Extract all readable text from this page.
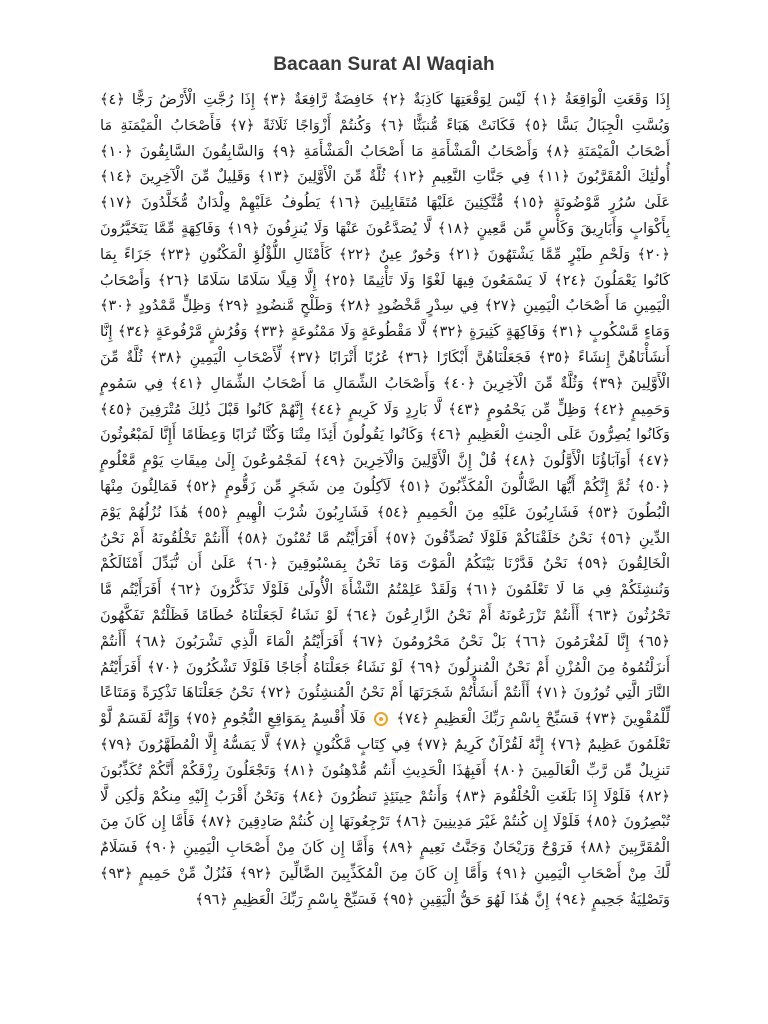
Bacaan Surat Al Waqiah
إِذَا وَقَعَتِ الْوَاقِعَةُ ﴿١﴾ لَيْسَ لِوَقْعَتِهَا كَاذِبَةٌ ﴿٢﴾ خَافِضَةٌ رَّافِعَةٌ ﴿٣﴾ إِذَا رُجَّتِ الْأَرْضُ رَجًّا ﴿٤﴾ وَبُسَّتِ الْجِبَالُ بَسًّا ﴿٥﴾ فَكَانَتْ هَبَاءً مُّنبَثًّا ﴿٦﴾ وَكُنتُمْ أَزْوَاجًا ثَلَاثَةً ﴿٧﴾ فَأَصْحَابُ الْمَيْمَنَةِ مَا أَصْحَابُ الْمَيْمَنَةِ ﴿٨﴾ وَأَصْحَابُ الْمَشْأَمَةِ مَا أَصْحَابُ الْمَشْأَمَةِ ﴿٩﴾ وَالسَّابِقُونَ السَّابِقُونَ ﴿١٠﴾ أُولَٰئِكَ الْمُقَرَّبُونَ ﴿١١﴾ فِي جَنَّاتِ النَّعِيمِ ﴿١٢﴾ ثُلَّةٌ مِّنَ الْأَوَّلِينَ ﴿١٣﴾ وَقَلِيلٌ مِّنَ الْآخِرِينَ ﴿١٤﴾ عَلَىٰ سُرُرٍ مَّوْضُونَةٍ ﴿١٥﴾ مُّتَّكِئِينَ عَلَيْهَا مُتَقَابِلِينَ ﴿١٦﴾ يَطُوفُ عَلَيْهِمْ وِلْدَانٌ مُّخَلَّدُونَ ﴿١٧﴾ بِأَكْوَابٍ وَأَبَارِيقَ وَكَأْسٍ مِّن مَّعِينٍ ﴿١٨﴾ لَّا يُصَدَّعُونَ عَنْهَا وَلَا يُنزِفُونَ ﴿١٩﴾ وَفَاكِهَةٍ مِّمَّا يَتَخَيَّرُونَ ﴿٢٠﴾ وَلَحْمِ طَيْرٍ مِّمَّا يَشْتَهُونَ ﴿٢١﴾ وَحُورٌ عِينٌ ﴿٢٢﴾ كَأَمْثَالِ اللُّؤْلُؤِ الْمَكْنُونِ ﴿٢٣﴾ جَزَاءً بِمَا كَانُوا يَعْمَلُونَ ﴿٢٤﴾ لَا يَسْمَعُونَ فِيهَا لَغْوًا وَلَا تَأْثِيمًا ﴿٢٥﴾ إِلَّا قِيلًا سَلَامًا سَلَامًا ﴿٢٦﴾ وَأَصْحَابُ الْيَمِينِ مَا أَصْحَابُ الْيَمِينِ ﴿٢٧﴾ فِي سِدْرٍ مَّخْضُودٍ ﴿٢٨﴾ وَطَلْحٍ مَّنضُودٍ ﴿٢٩﴾ وَظِلٍّ مَّمْدُودٍ ﴿٣٠﴾ وَمَاءٍ مَّسْكُوبٍ ﴿٣١﴾ وَفَاكِهَةٍ كَثِيرَةٍ ﴿٣٢﴾ لَّا مَقْطُوعَةٍ وَلَا مَمْنُوعَةٍ ﴿٣٣﴾ وَفُرُشٍ مَّرْفُوعَةٍ ﴿٣٤﴾ إِنَّا أَنشَأْنَاهُنَّ إِنشَاءً ﴿٣٥﴾ فَجَعَلْنَاهُنَّ أَبْكَارًا ﴿٣٦﴾ عُرُبًا أَتْرَابًا ﴿٣٧﴾ لِّأَصْحَابِ الْيَمِينِ ﴿٣٨﴾ ثُلَّةٌ مِّنَ الْأَوَّلِينَ ﴿٣٩﴾ وَثُلَّةٌ مِّنَ الْآخِرِينَ ﴿٤٠﴾ وَأَصْحَابُ الشِّمَالِ مَا أَصْحَابُ الشِّمَالِ ﴿٤١﴾ فِي سَمُومٍ وَحَمِيمٍ ﴿٤٢﴾ وَظِلٍّ مِّن يَحْمُومٍ ﴿٤٣﴾ لَّا بَارِدٍ وَلَا كَرِيمٍ ﴿٤٤﴾ إِنَّهُمْ كَانُوا قَبْلَ ذَٰلِكَ مُتْرَفِينَ ﴿٤٥﴾ وَكَانُوا يُصِرُّونَ عَلَى الْحِنثِ الْعَظِيمِ ﴿٤٦﴾ وَكَانُوا يَقُولُونَ أَئِذَا مِتْنَا وَكُنَّا تُرَابًا وَعِظَامًا أَإِنَّا لَمَبْعُوثُونَ ﴿٤٧﴾ أَوَآبَاؤُنَا الْأَوَّلُونَ ﴿٤٨﴾ قُلْ إِنَّ الْأَوَّلِينَ وَالْآخِرِينَ ﴿٤٩﴾ لَمَجْمُوعُونَ إِلَىٰ مِيقَاتِ يَوْمٍ مَّعْلُومٍ ﴿٥٠﴾ ثُمَّ إِنَّكُمْ أَيُّهَا الضَّالُّونَ الْمُكَذِّبُونَ ﴿٥١﴾ لَآكِلُونَ مِن شَجَرٍ مِّن زَقُّومٍ ﴿٥٢﴾ فَمَالِئُونَ مِنْهَا الْبُطُونَ ﴿٥٣﴾ فَشَارِبُونَ عَلَيْهِ مِنَ الْحَمِيمِ ﴿٥٤﴾ فَشَارِبُونَ شُرْبَ الْهِيمِ ﴿٥٥﴾ هَٰذَا نُزُلُهُمْ يَوْمَ الدِّينِ ﴿٥٦﴾ نَحْنُ خَلَقْنَاكُمْ فَلَوْلَا تُصَدِّقُونَ ﴿٥٧﴾ أَفَرَأَيْتُم مَّا تُمْنُونَ ﴿٥٨﴾ أَأَنتُمْ تَخْلُقُونَهُ أَمْ نَحْنُ الْخَالِقُونَ ﴿٥٩﴾ نَحْنُ قَدَّرْنَا بَيْنَكُمُ الْمَوْتَ وَمَا نَحْنُ بِمَسْبُوقِينَ ﴿٦٠﴾ عَلَىٰ أَن نُّبَدِّلَ أَمْثَالَكُمْ وَنُنشِئَكُمْ فِي مَا لَا تَعْلَمُونَ ﴿٦١﴾ وَلَقَدْ عَلِمْتُمُ النَّشْأَةَ الْأُولَىٰ فَلَوْلَا تَذَكَّرُونَ ﴿٦٢﴾ أَفَرَأَيْتُم مَّا تَحْرُثُونَ ﴿٦٣﴾ أَأَنتُمْ تَزْرَعُونَهُ أَمْ نَحْنُ الزَّارِعُونَ ﴿٦٤﴾ لَوْ نَشَاءُ لَجَعَلْنَاهُ حُطَامًا فَظَلْتُمْ تَفَكَّهُونَ ﴿٦٥﴾ إِنَّا لَمُغْرَمُونَ ﴿٦٦﴾ بَلْ نَحْنُ مَحْرُومُونَ ﴿٦٧﴾ أَفَرَأَيْتُمُ الْمَاءَ الَّذِي تَشْرَبُونَ ﴿٦٨﴾ أَأَنتُمْ أَنزَلْتُمُوهُ مِنَ الْمُزْنِ أَمْ نَحْنُ الْمُنزِلُونَ ﴿٦٩﴾ لَوْ نَشَاءُ جَعَلْنَاهُ أُجَاجًا فَلَوْلَا تَشْكُرُونَ ﴿٧٠﴾ أَفَرَأَيْتُمُ النَّارَ الَّتِي تُورُونَ ﴿٧١﴾ أَأَنتُمْ أَنشَأْتُمْ شَجَرَتَهَا أَمْ نَحْنُ الْمُنشِئُونَ ﴿٧٢﴾ نَحْنُ جَعَلْنَاهَا تَذْكِرَةً وَمَتَاعًا لِّلْمُقْوِينَ ﴿٧٣﴾ فَسَبِّحْ بِاسْمِ رَبِّكَ الْعَظِيمِ ﴿٧٤﴾  فَلَا أُقْسِمُ بِمَوَاقِعِ النُّجُومِ ﴿٧٥﴾ وَإِنَّهُ لَقَسَمٌ لَّوْ تَعْلَمُونَ عَظِيمٌ ﴿٧٦﴾ إِنَّهُ لَقُرْآنٌ كَرِيمٌ ﴿٧٧﴾ فِي كِتَابٍ مَّكْنُونٍ ﴿٧٨﴾ لَّا يَمَسُّهُ إِلَّا الْمُطَهَّرُونَ ﴿٧٩﴾ تَنزِيلٌ مِّن رَّبِّ الْعَالَمِينَ ﴿٨٠﴾ أَفَبِهَٰذَا الْحَدِيثِ أَنتُم مُّدْهِنُونَ ﴿٨١﴾ وَتَجْعَلُونَ رِزْقَكُمْ أَنَّكُمْ تُكَذِّبُونَ ﴿٨٢﴾ فَلَوْلَا إِذَا بَلَغَتِ الْحُلْقُومَ ﴿٨٣﴾ وَأَنتُمْ حِينَئِذٍ تَنظُرُونَ ﴿٨٤﴾ وَنَحْنُ أَقْرَبُ إِلَيْهِ مِنكُمْ وَلَٰكِن لَّا تُبْصِرُونَ ﴿٨٥﴾ فَلَوْلَا إِن كُنتُمْ غَيْرَ مَدِينِينَ ﴿٨٦﴾ تَرْجِعُونَهَا إِن كُنتُمْ صَادِقِينَ ﴿٨٧﴾ فَأَمَّا إِن كَانَ مِنَ الْمُقَرَّبِينَ ﴿٨٨﴾ فَرَوْحٌ وَرَيْحَانٌ وَجَنَّتُ نَعِيمٍ ﴿٨٩﴾ وَأَمَّا إِن كَانَ مِنْ أَصْحَابِ الْيَمِينِ ﴿٩٠﴾ فَسَلَامٌ لَّكَ مِنْ أَصْحَابِ الْيَمِينِ ﴿٩١﴾ وَأَمَّا إِن كَانَ مِنَ الْمُكَذِّبِينَ الضَّالِّينَ ﴿٩٢﴾ فَنُزُلٌ مِّنْ حَمِيمٍ ﴿٩٣﴾ وَتَصْلِيَةُ جَحِيمٍ ﴿٩٤﴾ إِنَّ هَٰذَا لَهُوَ حَقُّ الْيَقِينِ ﴿٩٥﴾ فَسَبِّحْ بِاسْمِ رَبِّكَ الْعَظِيمِ ﴿٩٦﴾
